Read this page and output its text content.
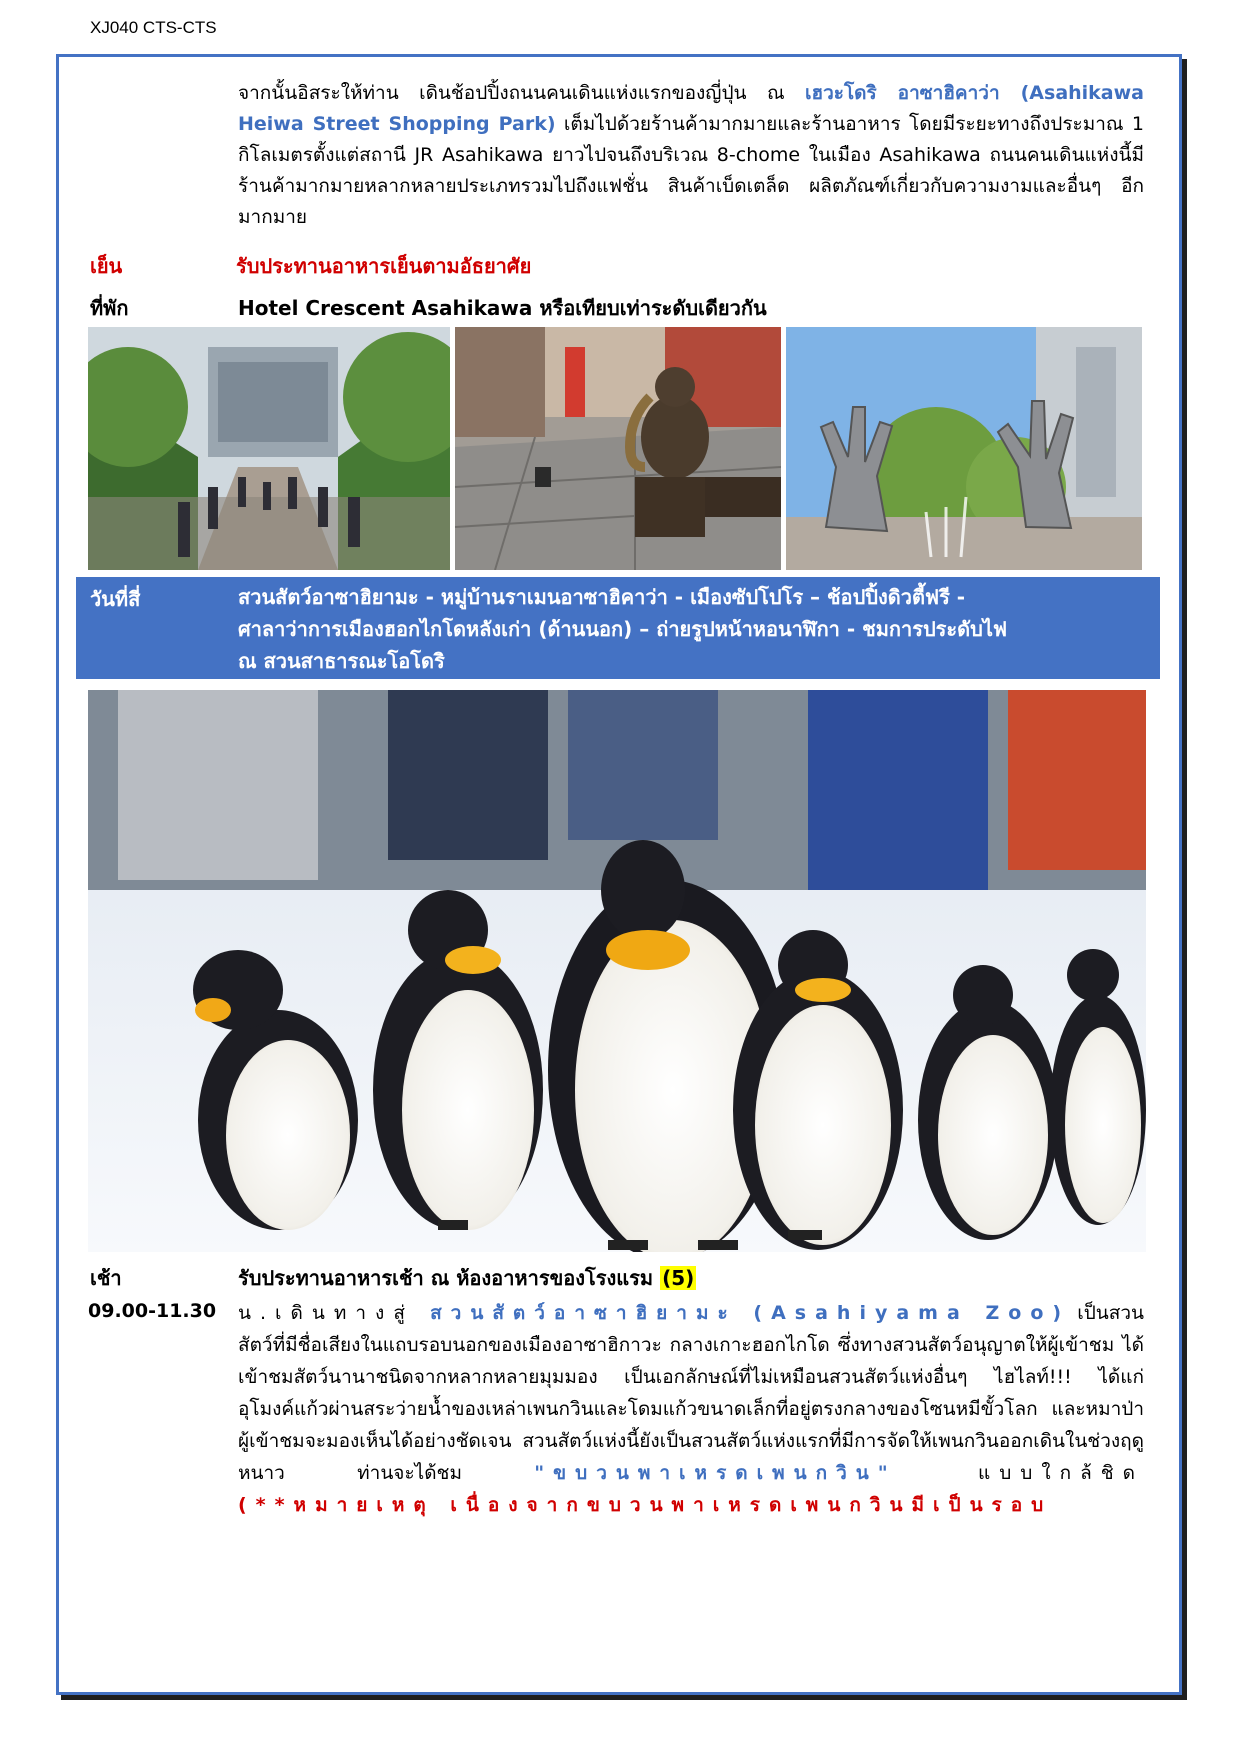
XJ040 CTS-CTS
จากนั้นอิสระให้ท่าน เดินช้อปปิ้งถนนคนเดินแห่งแรกของญี่ปุ่น ณ เฮวะโดริ อาซาฮิคาว่า (Asahikawa Heiwa Street Shopping Park) เต็มไปด้วยร้านค้ามากมายและร้านอาหาร โดยมีระยะทางถึงประมาณ 1 กิโลเมตรตั้งแต่สถานี JR Asahikawa ยาวไปจนถึงบริเวณ 8-chome ในเมือง Asahikawa ถนนคนเดินแห่งนี้มีร้านค้ามากมายหลากหลายประเภทรวมไปถึงแฟชั่น สินค้าเบ็ดเตล็ด ผลิตภัณฑ์เกี่ยวกับความงามและอื่นๆ อีกมากมาย
เย็น	รับประทานอาหารเย็นตามอัธยาศัย
ที่พัก	Hotel Crescent Asahikawa หรือเทียบเท่าระดับเดียวกัน
วันที่สี่	สวนสัตว์อาซาฮิยามะ - หมู่บ้านราเมนอาซาฮิคาว่า - เมืองซัปโปโร – ช้อปปิ้งดิวตี้ฟรี -
ศาลาว่าการเมืองฮอกไกโดหลังเก่า (ด้านนอก) – ถ่ายรูปหน้าหอนาฬิกา - ชมการประดับไฟ
ณ สวนสาธารณะโอโดริ
เช้า	รับประทานอาหารเช้า ณ ห้องอาหารของโรงแรม (5)
09.00-11.30 น.เดินทางสู่ สวนสัตว์อาซาฮิยามะ (Asahiyama Zoo) เป็นสวนสัตว์ที่มีชื่อเสียงในแถบรอบนอกของเมืองอาซาฮิกาวะ กลางเกาะฮอกไกโด ซึ่งทางสวนสัตว์อนุญาตให้ผู้เข้าชม ได้เข้าชมสัตว์นานาชนิดจากหลากหลายมุมมอง เป็นเอกลักษณ์ที่ไม่เหมือนสวนสัตว์แห่งอื่นๆ ไฮไลท์!!! ได้แก่ อุโมงค์แก้วผ่านสระว่ายน้ำของเหล่าเพนกวินและโดมแก้วขนาดเล็กที่อยู่ตรงกลางของโซนหมีขั้วโลก และหมาป่า ผู้เข้าชมจะมองเห็นได้อย่างชัดเจน สวนสัตว์แห่งนี้ยังเป็นสวนสัตว์แห่งแรกที่มีการจัดให้เพนกวินออกเดินในช่วงฤดูหนาว ท่านจะได้ชม "ขบวนพาเหรดเพนกวิน" แบบใกล้ชิด (**หมายเหตุ เนื่องจากขบวนพาเหรดเพนกวินมีเป็นรอบ
